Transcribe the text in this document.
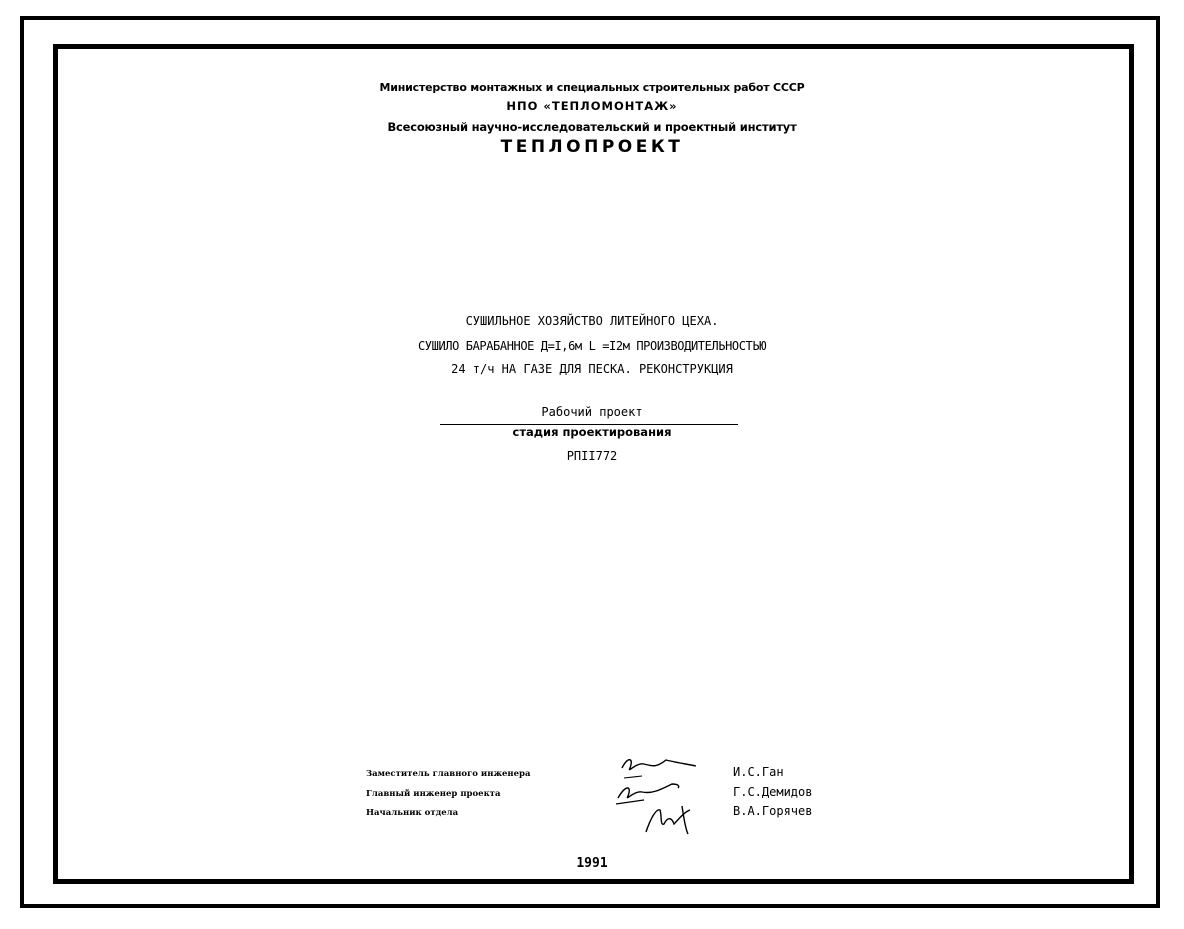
Министерство монтажных и специальных строительных работ СССР
НПО «ТЕПЛОМОНТАЖ»
Всесоюзный научно-исследовательский и проектный институт
ТЕПЛОПРОЕКТ
СУШИЛЬНОЕ ХОЗЯЙСТВО ЛИТЕЙНОГО ЦЕХА.
СУШИЛО БАРАБАННОЕ Д=I,6м L =I2м ПРОИЗВОДИТЕЛЬНОСТЬЮ
24 т/ч НА ГАЗЕ ДЛЯ ПЕСКА. РЕКОНСТРУКЦИЯ
Рабочий проект
стадия проектирования
РПII772
Заместитель главного инженера
Главный инженер проекта
Начальник отдела
И.С.Ган
Г.С.Демидов
В.А.Горячев
1991
